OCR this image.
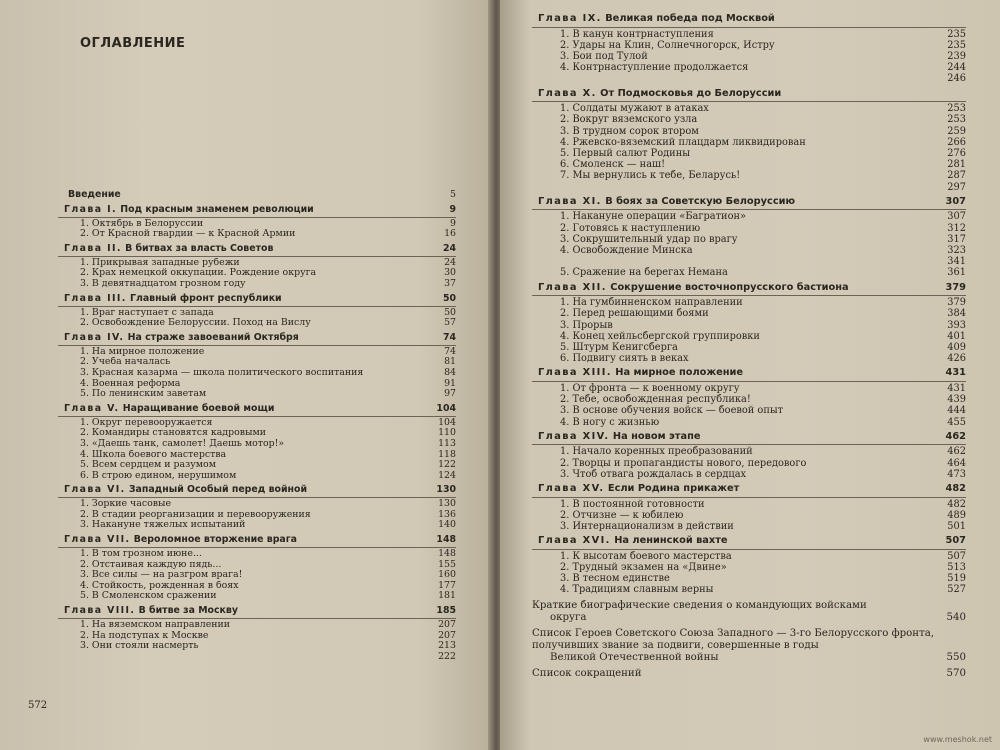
ОГЛАВЛЕНИЕ
Введение	5
Глава I. Под красным знаменем революции	9
1. Октябрь в Белоруссии	9
2. От Красной гвардии — к Красной Армии	16
Глава II. В битвах за власть Советов	24
1. Прикрывая западные рубежи	24
2. Крах немецкой оккупации. Рождение округа	30
3. В девятнадцатом грозном году	37
Глава III. Главный фронт республики	50
1. Враг наступает с запада	50
2. Освобождение Белоруссии. Поход на Вислу	57
Глава IV. На страже завоеваний Октября	74
1. На мирное положение	74
2. Учеба началась	81
3. Красная казарма — школа политического воспитания	84
4. Военная реформа	91
5. По ленинским заветам	97
Глава V. Наращивание боевой мощи	104
1. Округ перевооружается	104
2. Командиры становятся кадровыми	110
3. «Даешь танк, самолет! Даешь мотор!»	113
4. Школа боевого мастерства	118
5. Всем сердцем и разумом	122
6. В строю едином, нерушимом	124
Глава VI. Западный Особый перед войной	130
1. Зоркие часовые	130
2. В стадии реорганизации и перевооружения	136
3. Накануне тяжелых испытаний	140
Глава VII. Вероломное вторжение врага	148
1. В том грозном июне...	148
2. Отстаивая каждую пядь...	155
3. Все силы — на разгром врага!	160
4. Стойкость, рожденная в боях	177
5. В Смоленском сражении	181
Глава VIII. В битве за Москву	185
1. На вяземском направлении	207
2. На подступах к Москве	207
3. Они стояли насмерть	213
222
572
Глава IX. Великая победа под Москвой
1. В канун контрнаступления	235
2. Удары на Клин, Солнечногорск, Истру	235
3. Бои под Тулой	239
4. Контрнаступление продолжается	244
246
Глава X. От Подмосковья до Белоруссии
1. Солдаты мужают в атаках	253
2. Вокруг вяземского узла	253
3. В трудном сорок втором	259
4. Ржевско-вяземский плацдарм ликвидирован	266
5. Первый салют Родины	276
6. Смоленск — наш!	281
7. Мы вернулись к тебе, Беларусь!	287
297
Глава XI. В боях за Советскую Белоруссию	307
1. Накануне операции «Багратион»	307
2. Готовясь к наступлению	312
3. Сокрушительный удар по врагу	317
4. Освобождение Минска	323
341
5. Сражение на берегах Немана	361
Глава XII. Сокрушение восточнопрусского бастиона	379
1. На гумбинненском направлении	379
2. Перед решающими боями	384
3. Прорыв	393
4. Конец хейльсбергской группировки	401
5. Штурм Кенигсберга	409
6. Подвигу сиять в веках	426
Глава XIII. На мирное положение	431
1. От фронта — к военному округу	431
2. Тебе, освобожденная республика!	439
3. В основе обучения войск — боевой опыт	444
4. В ногу с жизнью	455
Глава XIV. На новом этапе	462
1. Начало коренных преобразований	462
2. Творцы и пропагандисты нового, передового	464
3. Чтоб отвага рождалась в сердцах	473
Глава XV. Если Родина прикажет	482
1. В постоянной готовности	482
2. Отчизне — к юбилею	489
3. Интернационализм в действии	501
Глава XVI. На ленинской вахте	507
1. К высотам боевого мастерства	507
2. Трудный экзамен на «Двине»	513
3. В тесном единстве	519
4. Традициям славным верны	527
Краткие биографические сведения о командующих войсками
округа	540
Список Героев Советского Союза Западного — 3-го Белорусского фронта, получивших звание за подвиги, совершенные в годы
Великой Отечественной войны	550
Список сокращений	570
www.meshok.net
